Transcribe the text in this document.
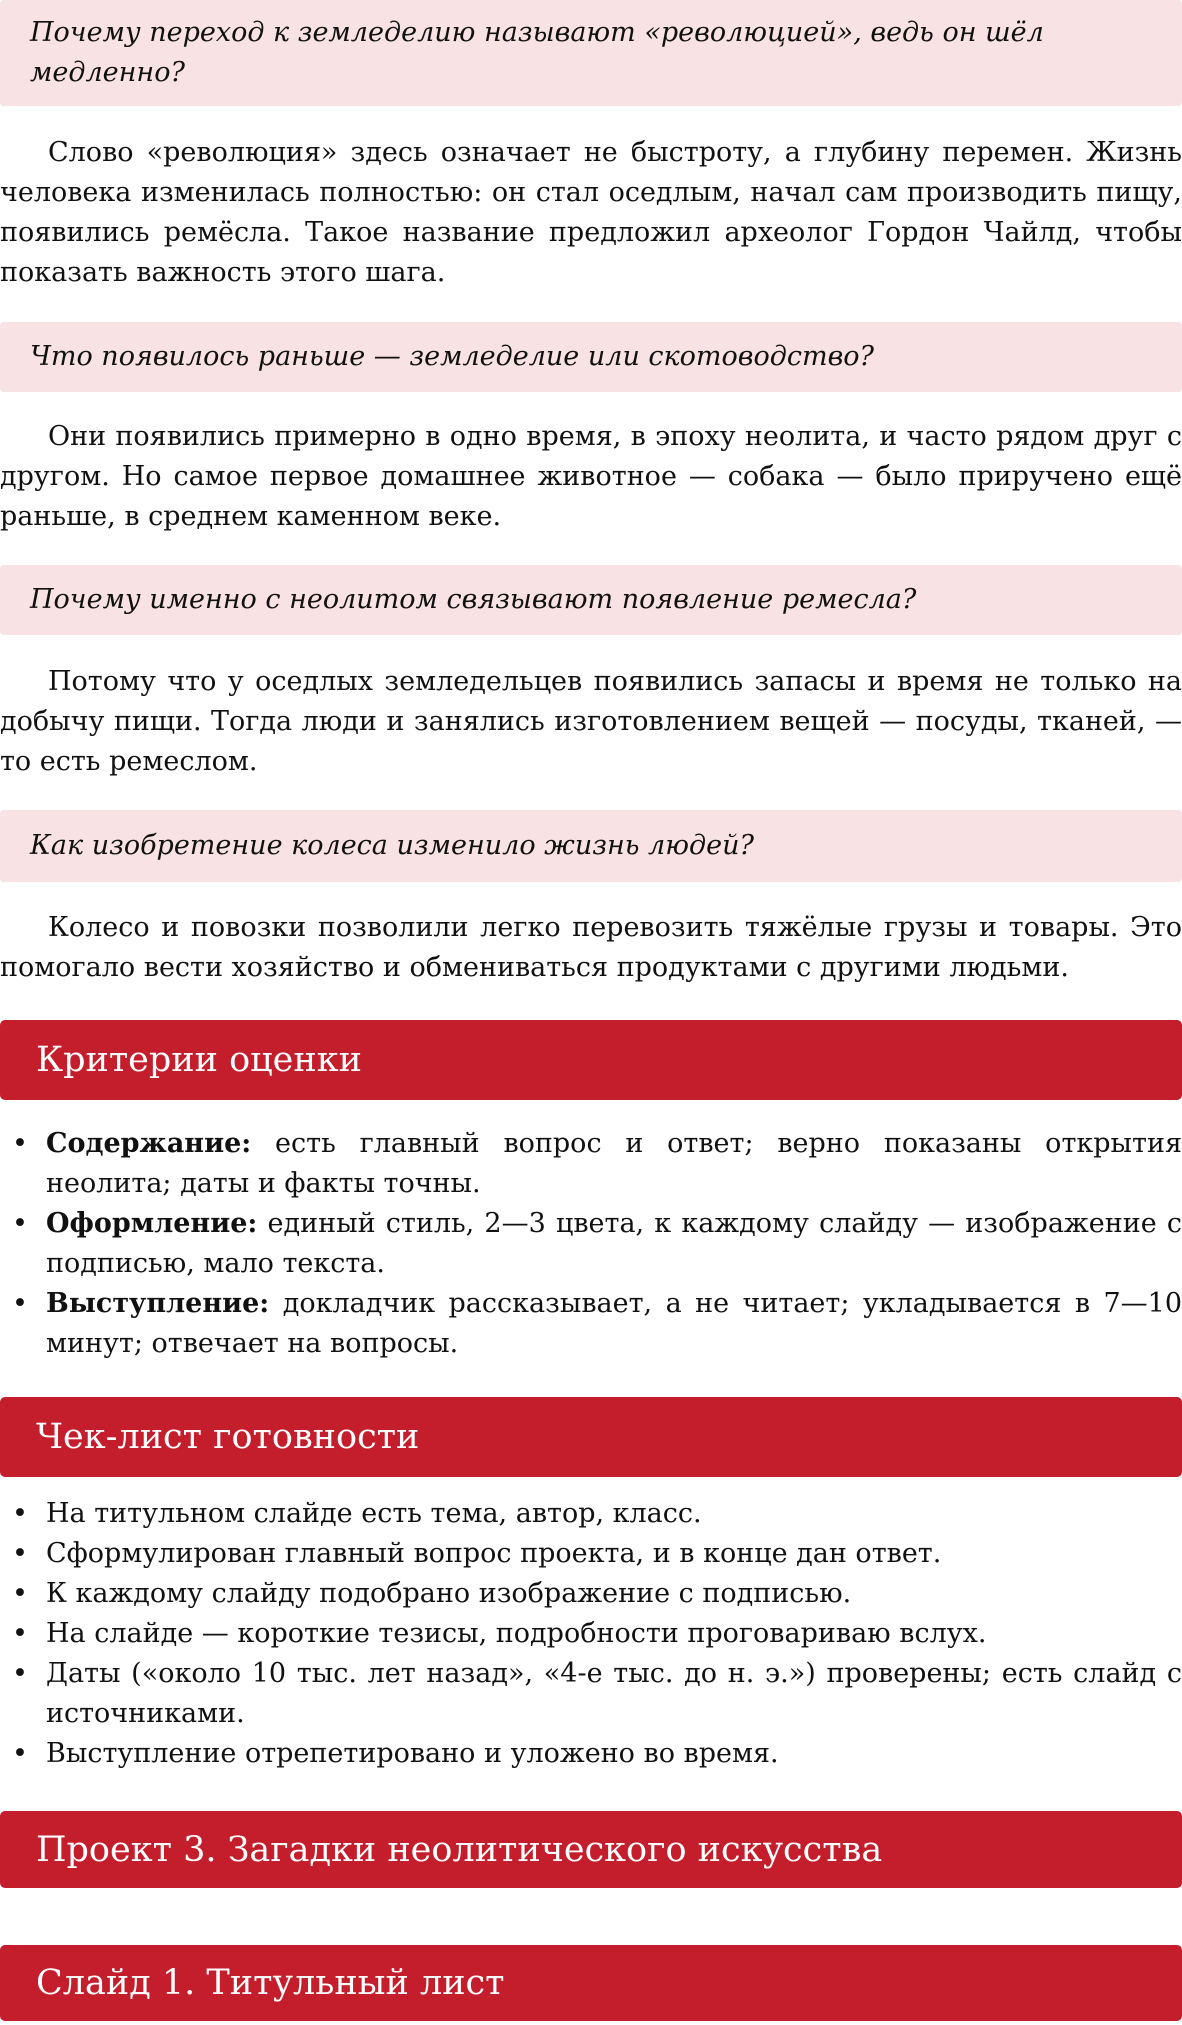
Почему переход к земледелию называют «революцией», ведь он шёл медленно?

Слово «революция» здесь означает не быстроту, а глубину перемен. Жизнь человека изменилась полностью: он стал оседлым, начал сам производить пищу, появились ремёсла. Такое название предложил археолог Гордон Чайлд, чтобы показать важность этого шага.

Что появилось раньше — земледелие или скотоводство?

Они появились примерно в одно время, в эпоху неолита, и часто рядом друг с другом. Но самое первое домашнее животное — собака — было приручено ещё раньше, в среднем каменном веке.

Почему именно с неолитом связывают появление ремесла?

Потому что у оседлых земледельцев появились запасы и время не только на добычу пищи. Тогда люди и занялись изготовлением вещей — посуды, тканей, — то есть ремеслом.

Как изобретение колеса изменило жизнь людей?

Колесо и повозки позволили легко перевозить тяжёлые грузы и товары. Это помогало вести хозяйство и обмениваться продуктами с другими людьми.

Критерии оценки
• Содержание: есть главный вопрос и ответ; верно показаны открытия неолита; даты и факты точны.
• Оформление: единый стиль, 2—3 цвета, к каждому слайду — изображение с подписью, мало текста.
• Выступление: докладчик рассказывает, а не читает; укладывается в 7—10 минут; отвечает на вопросы.
Чек-лист готовности
• На титульном слайде есть тема, автор, класс.
• Сформулирован главный вопрос проекта, и в конце дан ответ.
• К каждому слайду подобрано изображение с подписью.
• На слайде — короткие тезисы, подробности проговариваю вслух.
• Даты («около 10 тыс. лет назад», «4-е тыс. до н. э.») проверены; есть слайд с источниками.
• Выступление отрепетировано и уложено во время.
Проект 3. Загадки неолитического искусства
Слайд 1. Титульный лист
